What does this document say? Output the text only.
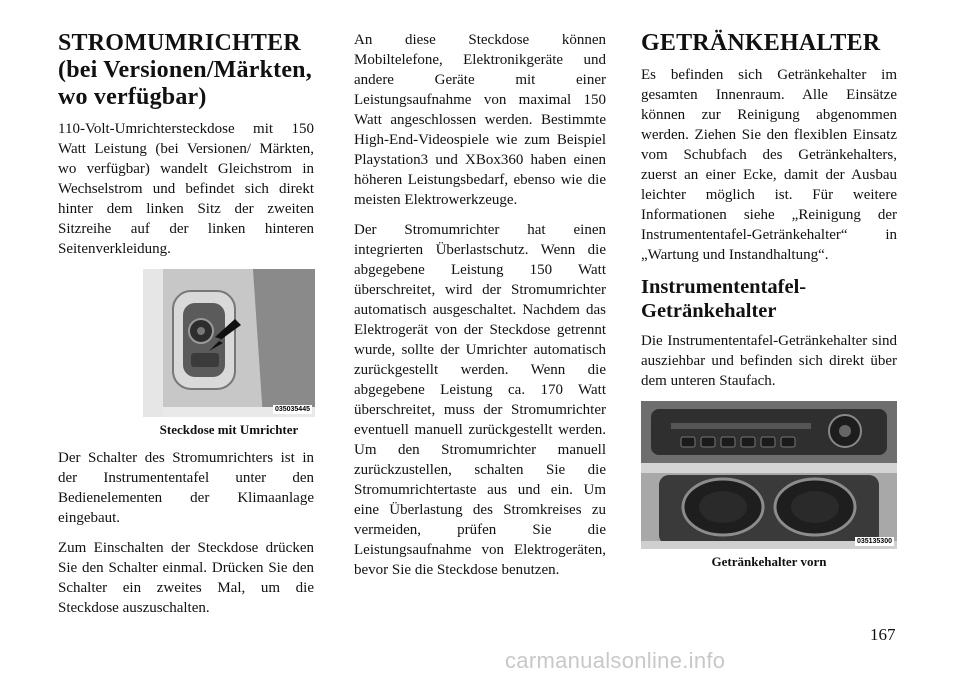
STROMUMRICHTER
(bei Versionen/Märkten,
wo verfügbar)

110-Volt-Umrichtersteckdose mit 150 Watt Leistung (bei Versionen/ Märkten, wo verfügbar) wandelt Gleichstrom in Wechselstrom und befindet sich direkt hinter dem linken Sitz der zweiten Sitzreihe auf der linken hinteren Seitenverkleidung.

035035445
Steckdose mit Umrichter

Der Schalter des Stromumrichters ist in der Instrumententafel unter den Bedienelementen der Klimaanlage eingebaut.

Zum Einschalten der Steckdose drücken Sie den Schalter einmal. Drücken Sie den Schalter ein zweites Mal, um die Steckdose auszuschalten.

An diese Steckdose können Mobiltelefone, Elektronikgeräte und andere Geräte mit einer Leistungsaufnahme von maximal 150 Watt angeschlossen werden. Bestimmte High-End-Videospiele wie zum Beispiel Playstation3 und XBox360 haben einen höheren Leistungsbedarf, ebenso wie die meisten Elektrowerkzeuge.

Der Stromumrichter hat einen integrierten Überlastschutz. Wenn die abgegebene Leistung 150 Watt überschreitet, wird der Stromumrichter automatisch ausgeschaltet. Nachdem das Elektrogerät von der Steckdose getrennt wurde, sollte der Umrichter automatisch zurückgestellt werden. Wenn die abgegebene Leistung ca. 170 Watt überschreitet, muss der Stromumrichter eventuell manuell zurückgestellt werden. Um den Stromumrichter manuell zurückzustellen, schalten Sie die Stromumrichtertaste aus und ein. Um eine Überlastung des Stromkreises zu vermeiden, prüfen Sie die Leistungsaufnahme von Elektrogeräten, bevor Sie die Steckdose benutzen.

GETRÄNKEHALTER

Es befinden sich Getränkehalter im gesamten Innenraum. Alle Einsätze können zur Reinigung abgenommen werden. Ziehen Sie den flexiblen Einsatz vom Schubfach des Getränkehalters, zuerst an einer Ecke, damit der Ausbau leichter möglich ist. Für weitere Informationen siehe „Reinigung der Instrumententafel-Getränkehalter“ in „Wartung und Instandhaltung“.

Instrumententafel-
Getränkehalter

Die Instrumententafel-Getränkehalter sind ausziehbar und befinden sich direkt über dem unteren Staufach.

035135300
Getränkehalter vorn
167
carmanualsonline.info
